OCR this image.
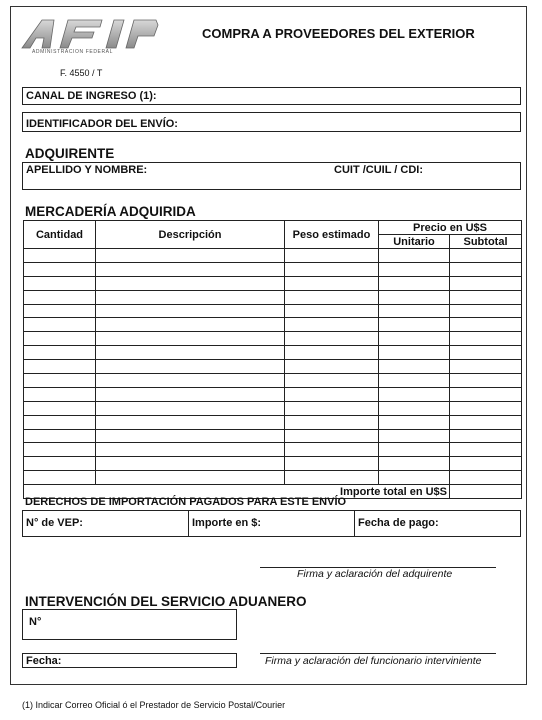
ADMINISTRACION FEDERAL
COMPRA A PROVEEDORES DEL EXTERIOR
F. 4550 / T
CANAL DE INGRESO (1):
IDENTIFICADOR DEL ENVÍO:
ADQUIRENTE
APELLIDO Y NOMBRE:	CUIT /CUIL / CDI:
MERCADERÍA ADQUIRIDA
Cantidad	Descripción	Peso estimado	Precio en U$S	
			Unitario	Subtotal

Importe total en U$S				
DERECHOS DE IMPORTACIÓN PAGADOS PARA ESTE ENVÍO
N° de VEP:	Importe en $:	Fecha de pago:
Firma y aclaración del adquirente
INTERVENCIÓN DEL SERVICIO ADUANERO
N°
Fecha:	Firma y aclaración del funcionario interviniente
(1) Indicar Correo Oficial ó el Prestador de Servicio Postal/Courier
